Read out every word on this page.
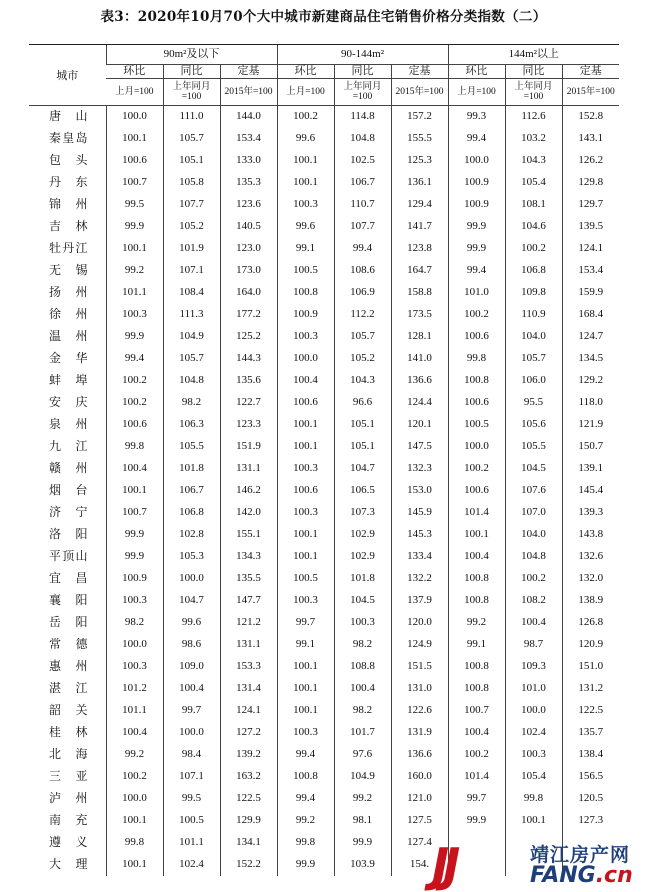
表3：2020年10月70个大中城市新建商品住宅销售价格分类指数（二）
城市	90m²及以下			90-144m²			144m²以上		
	环比	同比	定基	环比	同比	定基	环比	同比	定基
	上月=100	上年同月=100	2015年=100	上月=100	上年同月=100	2015年=100	上月=100	上年同月=100	2015年=100
唐山	100.0	111.0	144.0	100.2	114.8	157.2	99.3	112.6	152.8
秦皇岛	100.1	105.7	153.4	99.6	104.8	155.5	99.4	103.2	143.1
包头	100.6	105.1	133.0	100.1	102.5	125.3	100.0	104.3	126.2
丹东	100.7	105.8	135.3	100.1	106.7	136.1	100.9	105.4	129.8
锦州	99.5	107.7	123.6	100.3	110.7	129.4	100.9	108.1	129.7
吉林	99.9	105.2	140.5	99.6	107.7	141.7	99.9	104.6	139.5
牡丹江	100.1	101.9	123.0	99.1	99.4	123.8	99.9	100.2	124.1
无锡	99.2	107.1	173.0	100.5	108.6	164.7	99.4	106.8	153.4
扬州	101.1	108.4	164.0	100.8	106.9	158.8	101.0	109.8	159.9
徐州	100.3	111.3	177.2	100.9	112.2	173.5	100.2	110.9	168.4
温州	99.9	104.9	125.2	100.3	105.7	128.1	100.6	104.0	124.7
金华	99.4	105.7	144.3	100.0	105.2	141.0	99.8	105.7	134.5
蚌埠	100.2	104.8	135.6	100.4	104.3	136.6	100.8	106.0	129.2
安庆	100.2	98.2	122.7	100.6	96.6	124.4	100.6	95.5	118.0
泉州	100.6	106.3	123.3	100.1	105.1	120.1	100.5	105.6	121.9
九江	99.8	105.5	151.9	100.1	105.1	147.5	100.0	105.5	150.7
赣州	100.4	101.8	131.1	100.3	104.7	132.3	100.2	104.5	139.1
烟台	100.1	106.7	146.2	100.6	106.5	153.0	100.6	107.6	145.4
济宁	100.7	106.8	142.0	100.3	107.3	145.9	101.4	107.0	139.3
洛阳	99.9	102.8	155.1	100.1	102.9	145.3	100.1	104.0	143.8
平顶山	99.9	105.3	134.3	100.1	102.9	133.4	100.4	104.8	132.6
宜昌	100.9	100.0	135.5	100.5	101.8	132.2	100.8	100.2	132.0
襄阳	100.3	104.7	147.7	100.3	104.5	137.9	100.8	108.2	138.9
岳阳	98.2	99.6	121.2	99.7	100.3	120.0	99.2	100.4	126.8
常德	100.0	98.6	131.1	99.1	98.2	124.9	99.1	98.7	120.9
惠州	100.3	109.0	153.3	100.1	108.8	151.5	100.8	109.3	151.0
湛江	101.2	100.4	131.4	100.1	100.4	131.0	100.8	101.0	131.2
韶关	101.1	99.7	124.1	100.1	98.2	122.6	100.7	100.0	122.5
桂林	100.4	100.0	127.2	100.3	101.7	131.9	100.4	102.4	135.7
北海	99.2	98.4	139.2	99.4	97.6	136.6	100.2	100.3	138.4
三亚	100.2	107.1	163.2	100.8	104.9	160.0	101.4	105.4	156.5
泸州	100.0	99.5	122.5	99.4	99.2	121.0	99.7	99.8	120.5
南充	100.1	100.5	129.9	99.2	98.1	127.5	99.9	100.1	127.3
遵义	99.8	101.1	134.1	99.8	99.9	127.4			
大理	100.1	102.4	152.2	99.9	103.9	154.			JJ	靖江房产网
FANG.cn
